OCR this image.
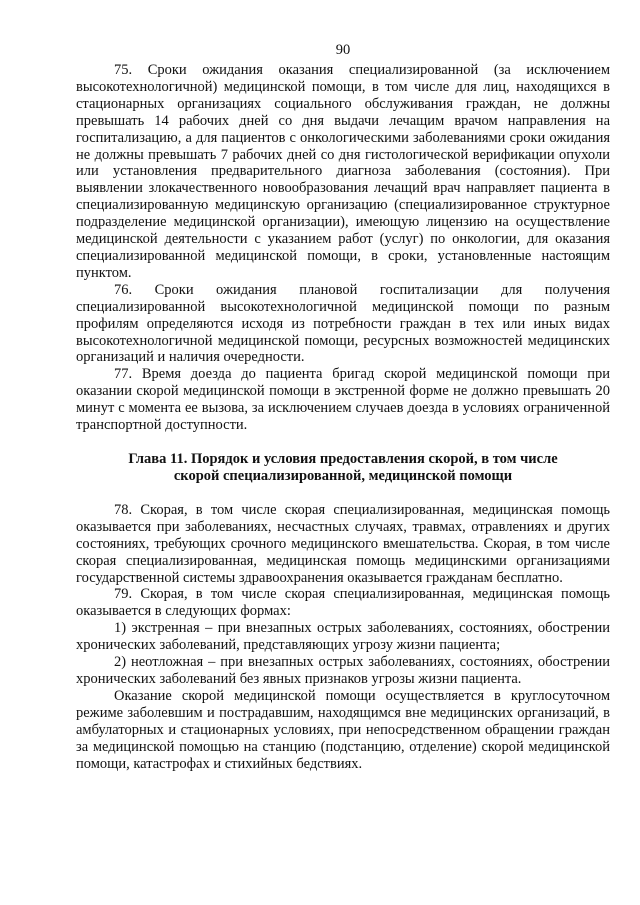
90

75. Сроки ожидания оказания специализированной (за исключением высокотехнологичной) медицинской помощи, в том числе для лиц, находящихся в стационарных организациях социального обслуживания граждан, не должны превышать 14 рабочих дней со дня выдачи лечащим врачом направления на госпитализацию, а для пациентов с онкологическими заболеваниями сроки ожидания не должны превышать 7 рабочих дней со дня гистологической верификации опухоли или установления предварительного диагноза заболевания (состояния). При выявлении злокачественного новообразования лечащий врач направляет пациента в специализированную медицинскую организацию (специализированное структурное подразделение медицинской организации), имеющую лицензию на осуществление медицинской деятельности с указанием работ (услуг) по онкологии, для оказания специализированной медицинской помощи, в сроки, установленные настоящим пунктом.

76. Сроки ожидания плановой госпитализации для получения специализированной высокотехнологичной медицинской помощи по разным профилям определяются исходя из потребности граждан в тех или иных видах высокотехнологичной медицинской помощи, ресурсных возможностей медицинских организаций и наличия очередности.

77. Время доезда до пациента бригад скорой медицинской помощи при оказании скорой медицинской помощи в экстренной форме не должно превышать 20 минут с момента ее вызова, за исключением случаев доезда в условиях ограниченной транспортной доступности.

Глава 11. Порядок и условия предоставления скорой, в том числе
скорой специализированной, медицинской помощи

78. Скорая, в том числе скорая специализированная, медицинская помощь оказывается при заболеваниях, несчастных случаях, травмах, отравлениях и других состояниях, требующих срочного медицинского вмешательства. Скорая, в том числе скорая специализированная, медицинская помощь медицинскими организациями государственной системы здравоохранения оказывается гражданам бесплатно.

79. Скорая, в том числе скорая специализированная, медицинская помощь оказывается в следующих формах:

1) экстренная – при внезапных острых заболеваниях, состояниях, обострении хронических заболеваний, представляющих угрозу жизни пациента;

2) неотложная – при внезапных острых заболеваниях, состояниях, обострении хронических заболеваний без явных признаков угрозы жизни пациента.

Оказание скорой медицинской помощи осуществляется в круглосуточном режиме заболевшим и пострадавшим, находящимся вне медицинских организаций, в амбулаторных и стационарных условиях, при непосредственном обращении граждан за медицинской помощью на станцию (подстанцию, отделение) скорой медицинской помощи, катастрофах и стихийных бедствиях.
